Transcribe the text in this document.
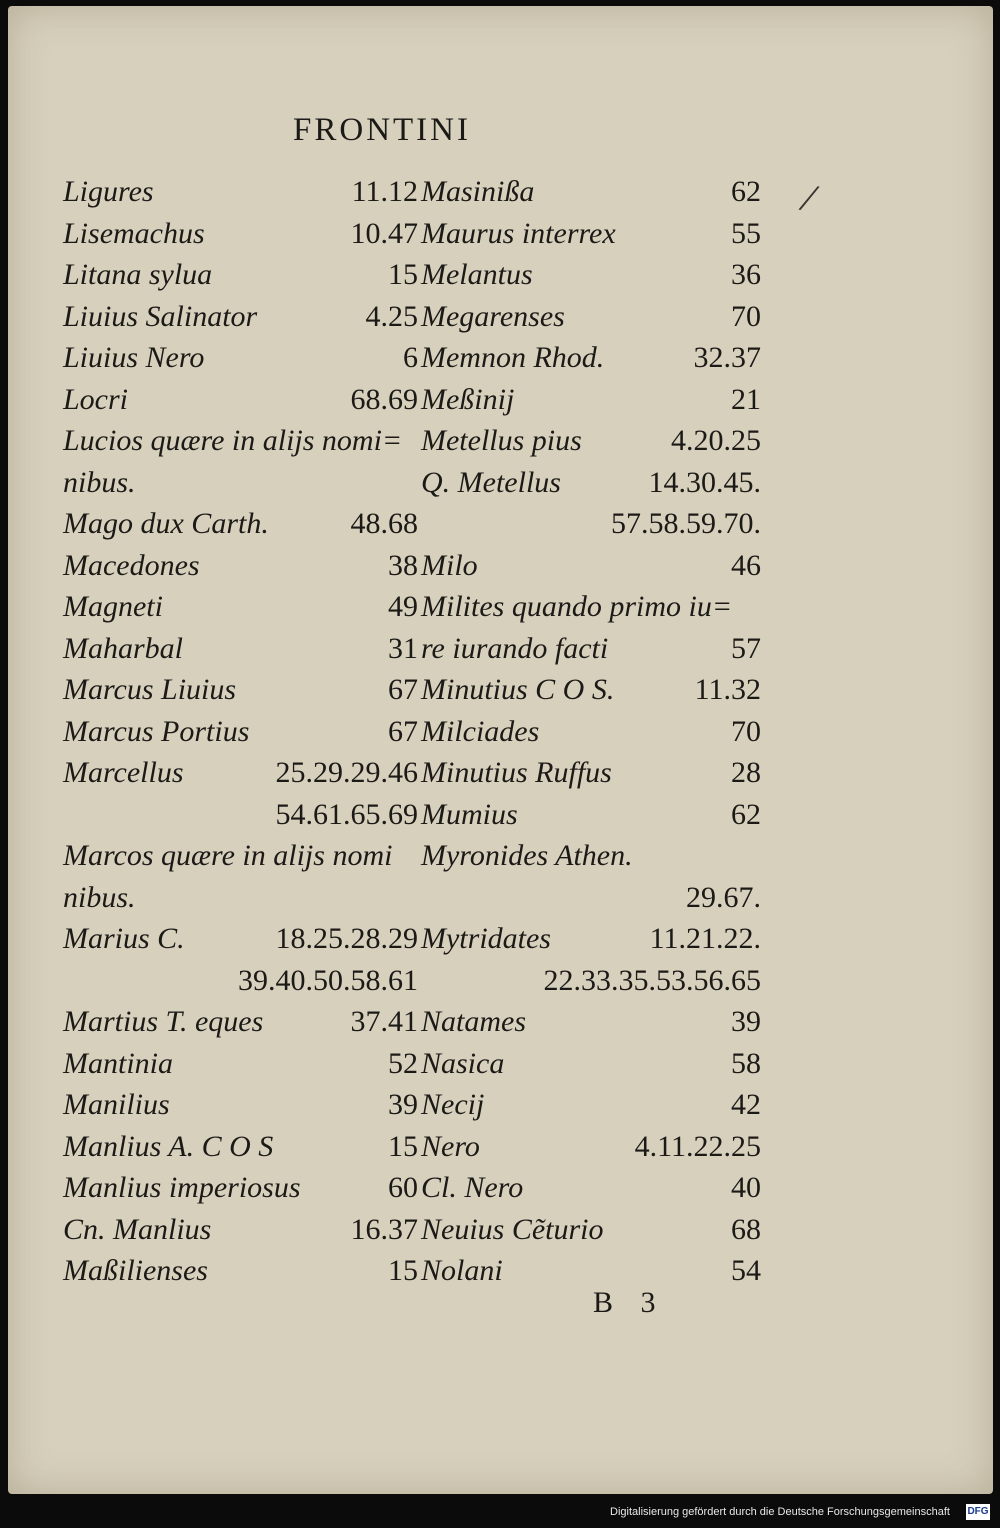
FRONTINI
/
Ligures	11.12
Lisemachus	10.47
Litana sylua	15
Liuius Salinator	4.25
Liuius Nero	6
Locri	68.69
Lucios quære in alijs nomi=
nibus.
Mago dux Carth.	48.68
Macedones	38
Magneti	49
Maharbal	31
Marcus Liuius	67
Marcus Portius	67
Marcellus	25.29.29.46
54.61.65.69
Marcos quære in alijs nomi
nibus.
Marius C.	18.25.28.29
39.40.50.58.61
Martius T. eques	37.41
Mantinia	52
Manilius	39
Manlius A. C O S	15
Manlius imperiosus	60
Cn. Manlius	16.37
Maßilienses	15
Masinißa	62
Maurus interrex	55
Melantus	36
Megarenses	70
Memnon Rhod.	32.37
Meßinij	21
Metellus pius	4.20.25
Q. Metellus	14.30.45.
57.58.59.70.
Milo	46
Milites quando primo iu=
re iurando facti	57
Minutius C O S.	11.32
Milciades	70
Minutius Ruffus	28
Mumius	62
Myronides Athen.
29.67.
Mytridates	11.21.22.
22.33.35.53.56.65
Natames	39
Nasica	58
Necij	42
Nero	4.11.22.25
Cl. Nero	40
Neuius Cẽturio	68
Nolani	54
B 3
Digitalisierung gefördert durch die Deutsche Forschungsgemeinschaft DFG
